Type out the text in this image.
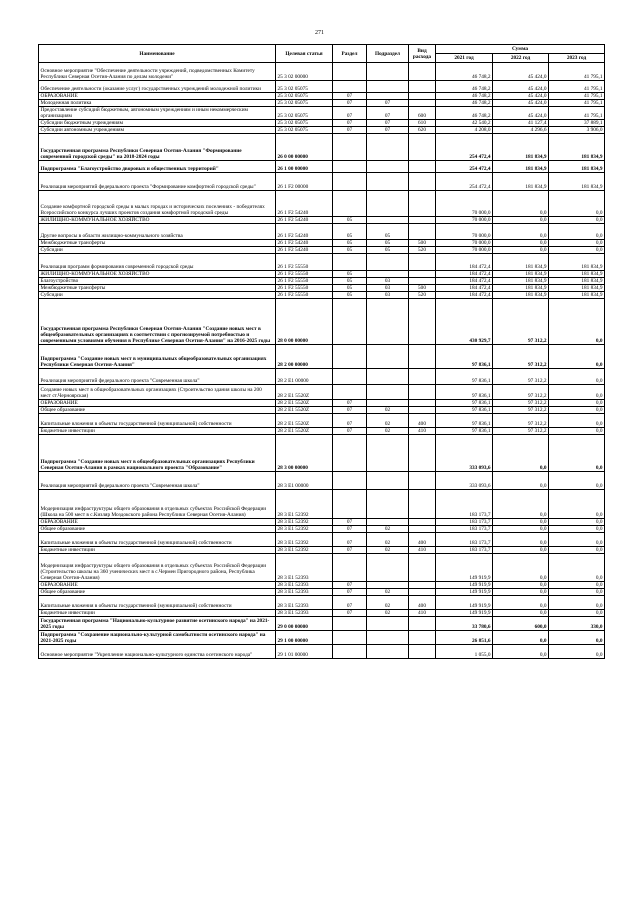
271
Наименование	Целевая статья	Раздел	Подраздел	Вид расхода	Сумма		
					2021 год	2022 год	2023 год
Основное мероприятие "Обеспечение деятельности учреждений, подведомственных Комитету Республики Северная Осетия-Алания по делам молодежи"	25 3 02 00000				46 748,2	45 424,0	41 795,1
Обеспечение деятельности (оказание услуг) государственных учреждений молодежной политики	25 3 02 05075				46 748,2	45 424,0	41 795,1
ОБРАЗОВАНИЕ	25 3 02 05075	07			46 748,2	45 424,0	41 795,1
Молодежная политика	25 3 02 05075	07	07		46 748,2	45 424,0	41 795,1
Предоставление субсидий бюджетным, автономным учреждениям и иным некоммерческим организациям	25 3 02 05075	07	07	600	46 748,2	45 424,0	41 795,1
Субсидии бюджетным учреждениям	25 3 02 05075	07	07	610	42 540,2	41 127,4	37 889,1
Субсидии автономным учреждениям	25 3 02 05075	07	07	620	4 208,0	4 296,6	3 906,0
Государственная программа Республики Северная Осетия-Алания "Формирование современной городской среды" на 2018-2024 годы	26 0 00 00000				254 472,4	181 834,9	181 834,9
Подпрограмма "Благоустройство дворовых и общественных территорий"	26 1 00 00000				254 472,4	181 834,9	181 834,9
Реализация мероприятий федерального проекта "Формирование комфортной городской среды"	26 1 F2 00000				254 472,4	181 834,9	181 834,9
Создание комфортной городской среды в малых городах и исторических поселениях - победителях Всероссийского конкурса лучших проектов создания комфортной городской среды	26 1 F2 54240				70 000,0	0,0	0,0
ЖИЛИЩНО-КОММУНАЛЬНОЕ ХОЗЯЙСТВО	26 1 F2 54240	05			70 000,0	0,0	0,0
Другие вопросы в области жилищно-коммунального хозяйства	26 1 F2 54240	05	05		70 000,0	0,0	0,0
Межбюджетные трансферты	26 1 F2 54240	05	05	500	70 000,0	0,0	0,0
Субсидии	26 1 F2 54240	05	05	520	70 000,0	0,0	0,0
Реализация программ формирования современной городской среды	26 1 F2 55550				184 472,4	181 834,9	181 834,9
ЖИЛИЩНО-КОММУНАЛЬНОЕ ХОЗЯЙСТВО	26 1 F2 55550	05			184 472,4	181 834,9	181 834,9
Благоустройство	26 1 F2 55550	05	03		184 472,4	181 834,9	181 834,9
Межбюджетные трансферты	26 1 F2 55550	05	03	500	184 472,4	181 834,9	181 834,9
Субсидии	26 1 F2 55550	05	03	520	184 472,4	181 834,9	181 834,9
Государственная программа Республики Северная Осетия-Алания "Создание новых мест в общеобразовательных организациях в соответствии с прогнозируемой потребностью и современными условиями обучения в Республике Северная Осетия-Алания" на 2016-2025 годы	28 0 00 00000				430 929,7	97 312,2	0,0
Подпрограмма "Создание новых мест в муниципальных общеобразовательных организациях Республики Северная Осетия-Алания"	28 2 00 00000				97 836,1	97 312,2	0,0
Реализация мероприятий федерального проекта "Современная школа"	28 2 E1 00000				97 836,1	97 312,2	0,0
Создание новых мест в общеобразовательных организациях (Строительство здания школы на 200 мест ст.Черноярская)	28 2 E1 5520Z				97 836,1	97 312,2	0,0
ОБРАЗОВАНИЕ	28 2 E1 5520Z	07			97 836,1	97 312,2	0,0
Общее образование	28 2 E1 5520Z	07	02		97 836,1	97 312,2	0,0
Капитальные вложения в объекты государственной (муниципальной) собственности	28 2 E1 5520Z	07	02	400	97 836,1	97 312,2	0,0
Бюджетные инвестиции	28 2 E1 5520Z	07	02	410	97 836,1	97 312,2	0,0
Подпрограмма "Создание новых мест в общеобразовательных организациях Республики Северная Осетия-Алания в рамках национального проекта "Образование"	28 3 00 00000				333 093,6	0,0	0,0
Реализация мероприятий федерального проекта "Современная школа"	28 3 E1 00000				333 093,6	0,0	0,0
Модернизация инфраструктуры общего образования в отдельных субъектах Российской Федерации (Школа на 500 мест в с.Кизляр Моздокского района Республики Северная Осетия-Алания)	28 3 E1 52392				183 173,7	0,0	0,0
ОБРАЗОВАНИЕ	28 3 E1 52392	07			183 173,7	0,0	0,0
Общее образование	28 3 E1 52392	07	02		183 173,7	0,0	0,0
Капитальные вложения в объекты государственной (муниципальной) собственности	28 3 E1 52392	07	02	400	183 173,7	0,0	0,0
Бюджетные инвестиции	28 3 E1 52392	07	02	410	183 173,7	0,0	0,0
Модернизация инфраструктуры общего образования в отдельных субъектах Российской Федерации (Строительство школы на 360 ученических мест в с.Чермен Пригородного района, Республика Северная Осетия-Алания)	28 3 E1 52393				149 919,9	0,0	0,0
ОБРАЗОВАНИЕ	28 3 E1 52393	07			149 919,9	0,0	0,0
Общее образование	28 3 E1 52393	07	02		149 919,9	0,0	0,0
Капитальные вложения в объекты государственной (муниципальной) собственности	28 3 E1 52393	07	02	400	149 919,9	0,0	0,0
Бюджетные инвестиции	28 3 E1 52393	07	02	410	149 919,9	0,0	0,0
Государственная программа "Национально-культурное развитие осетинского народа" на 2021-2025 годы	29 0 00 00000				33 780,6	600,0	330,0
Подпрограмма "Сохранение национально-культурной самобытности осетинского народа" на 2021-2025 годы	29 1 00 00000				26 851,6	0,0	0,0
Основное мероприятие "Укрепление национально-культурного единства осетинского народа"	29 1 01 00000				1 055,0	0,0	0,0
